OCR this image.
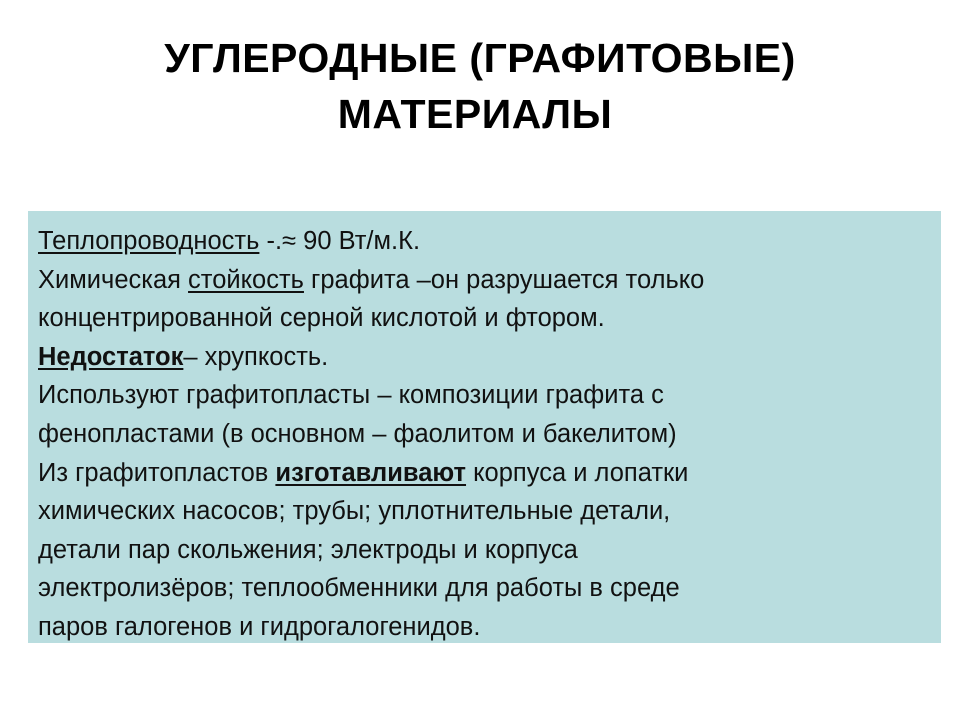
УГЛЕРОДНЫЕ (ГРАФИТОВЫЕ)
МАТЕРИАЛЫ

Теплопроводность -.≈ 90 Вт/м.К.

Химическая стойкость графита –он разрушается только

концентрированной серной кислотой и фтором.

Недостаток– хрупкость.

Используют графитопласты – композиции графита с

фенопластами (в основном – фаолитом и бакелитом)

Из графитопластов изготавливают корпуса и лопатки

химических насосов; трубы; уплотнительные детали,

детали пар скольжения; электроды и корпуса

электролизёров; теплообменники для работы в среде

паров галогенов и гидрогалогенидов.
